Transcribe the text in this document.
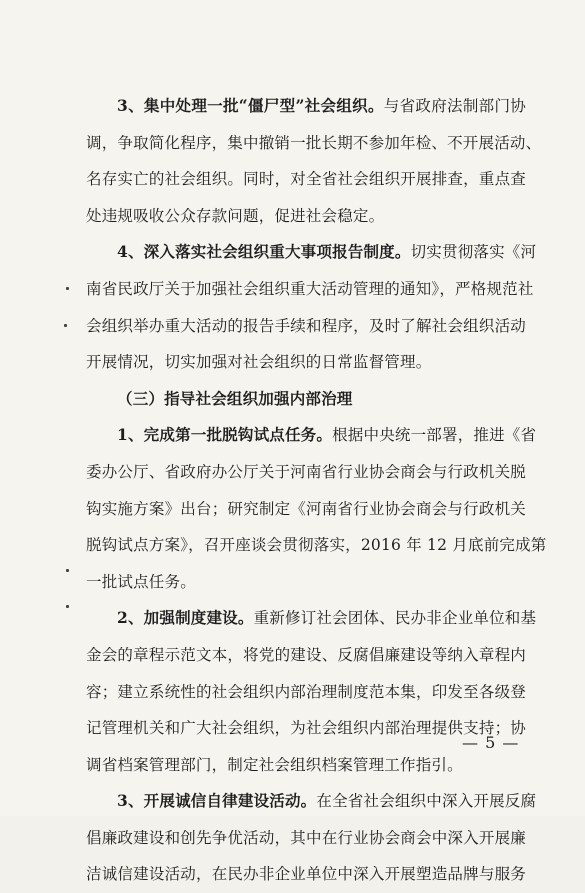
3、集中处理一批“僵尸型”社会组织。与省政府法制部门协
调，争取简化程序，集中撤销一批长期不参加年检、不开展活动、
名存实亡的社会组织。同时，对全省社会组织开展排查，重点查
处违规吸收公众存款问题，促进社会稳定。
4、深入落实社会组织重大事项报告制度。切实贯彻落实《河
南省民政厅关于加强社会组织重大活动管理的通知》，严格规范社
会组织举办重大活动的报告手续和程序，及时了解社会组织活动
开展情况，切实加强对社会组织的日常监督管理。
（三）指导社会组织加强内部治理
1、完成第一批脱钩试点任务。根据中央统一部署，推进《省
委办公厅、省政府办公厅关于河南省行业协会商会与行政机关脱
钩实施方案》出台；研究制定《河南省行业协会商会与行政机关
脱钩试点方案》，召开座谈会贯彻落实，2016 年 12 月底前完成第
一批试点任务。
2、加强制度建设。重新修订社会团体、民办非企业单位和基
金会的章程示范文本，将党的建设、反腐倡廉建设等纳入章程内
容；建立系统性的社会组织内部治理制度范本集，印发至各级登
记管理机关和广大社会组织，为社会组织内部治理提供支持；协
调省档案管理部门，制定社会组织档案管理工作指引。
3、开展诚信自律建设活动。在全省社会组织中深入开展反腐
倡廉政建设和创先争优活动，其中在行业协会商会中深入开展廉
洁诚信建设活动，在民办非企业单位中深入开展塑造品牌与服务
— 5 —
